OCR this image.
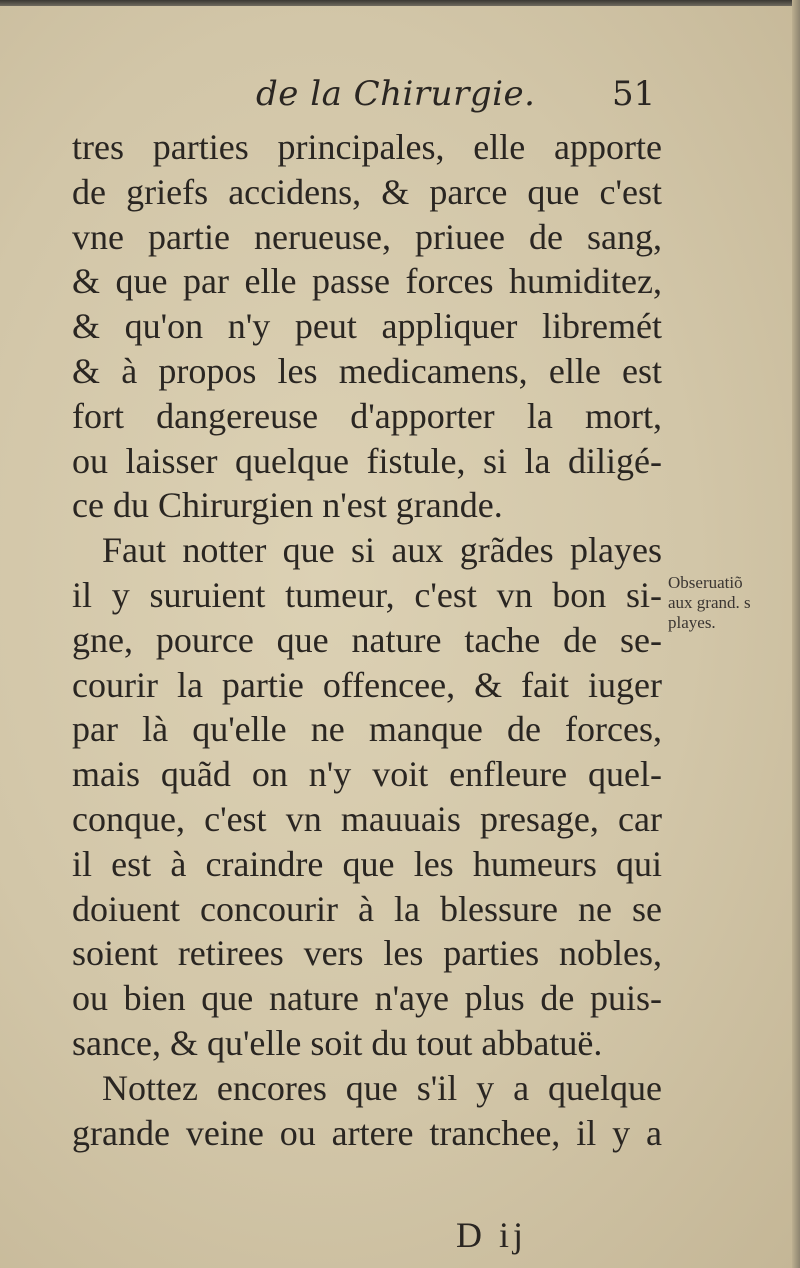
de la Chirurgie. 51
tres parties principales, elle apporte
de griefs accidens, & parce que c'est
vne partie nerueuse, priuee de sang,
& que par elle passe forces humiditez,
& qu'on n'y peut appliquer libremét
& à propos les medicamens, elle est
fort dangereuse d'apporter la mort,
ou laisser quelque fistule, si la diligé-
ce du Chirurgien n'est grande.
Faut notter que si aux grãdes playes
il y suruient tumeur, c'est vn bon si-
gne, pource que nature tache de se-
courir la partie offencee, & fait iuger
par là qu'elle ne manque de forces,
mais quãd on n'y voit enfleure quel-
conque, c'est vn mauuais presage, car
il est à craindre que les humeurs qui
doiuent concourir à la blessure ne se
soient retirees vers les parties nobles,
ou bien que nature n'aye plus de puis-
sance, & qu'elle soit du tout abbatuë.
Nottez encores que s'il y a quelque
grande veine ou artere tranchee, il y a
Obseruatiõ
aux grand. s
playes.
D ij
